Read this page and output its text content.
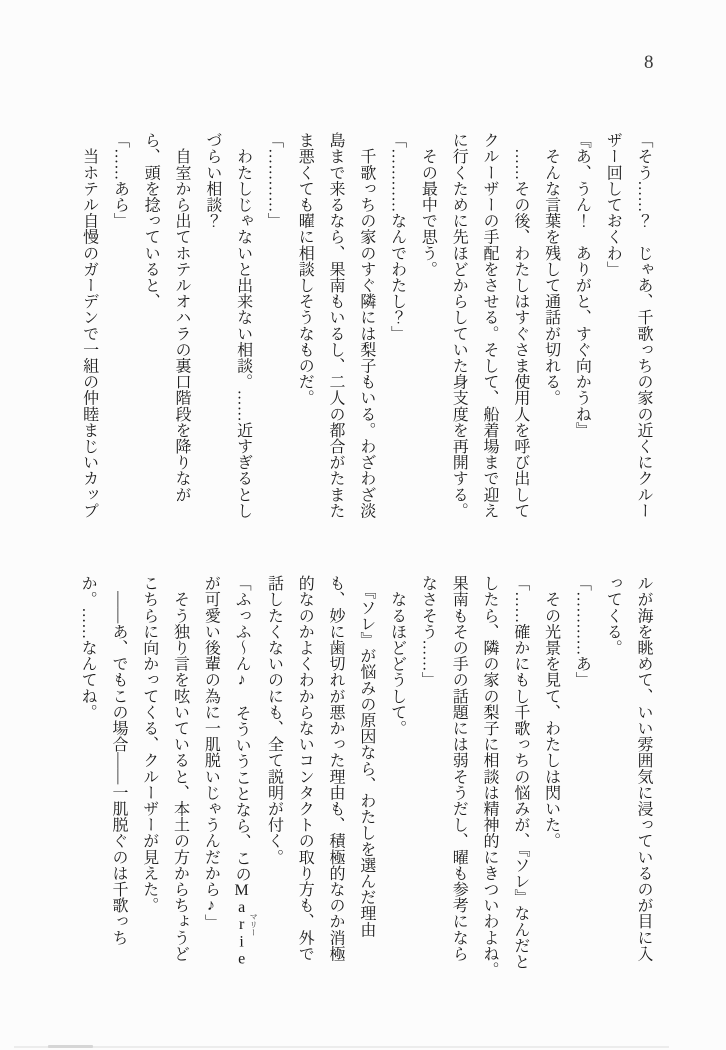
8
「そう……？　じゃあ、千歌っちの家の近くにクルー
ザー回しておくわ」
『あ、うん！　ありがと、すぐ向かうね』
　そんな言葉を残して通話が切れる。
　……その後、わたしはすぐさま使用人を呼び出して
クルーザーの手配をさせる。そして、船着場まで迎え
に行くために先ほどからしていた身支度を再開する。
　その最中で思う。
「…………なんでわたし？」
　千歌っちの家のすぐ隣には梨子もいる。わざわざ淡
島まで来るなら、果南もいるし、二人の都合がたまた
ま悪くても曜に相談しそうなものだ。
「…………」
　わたしじゃないと出来ない相談。……近すぎるとし
づらい相談？
　自室から出てホテルオハラの裏口階段を降りなが
ら、頭を捻っていると、
「……あら」
　当ホテル自慢のガーデンで一組の仲睦まじいカップ
ルが海を眺めて、いい雰囲気に浸っているのが目に入
ってくる。
「…………あ」
　その光景を見て、わたしは閃いた。
「……確かにもし千歌っちの悩みが、『ソレ』なんだと
したら、隣の家の梨子に相談は精神的にきついわよね。
果南もその手の話題には弱そうだし、曜も参考になら
なさそう……」
　なるほどどうして。
　『ソレ』が悩みの原因なら、わたしを選んだ理由
も、妙に歯切れが悪かった理由も、積極的なのか消極
的なのかよくわからないコンタクトの取り方も、外で
話したくないのにも、全て説明が付く。
「ふっふ〜ん♪　そういうことなら、このMarie マリー
が可愛い後輩の為に一肌脱いじゃうんだから♪」
　そう独り言を呟いていると、本土の方からちょうど
こちらに向かってくる、クルーザーが見えた。
　――あ、でもこの場合――一肌脱ぐのは千歌っち
か。……なんてね。
